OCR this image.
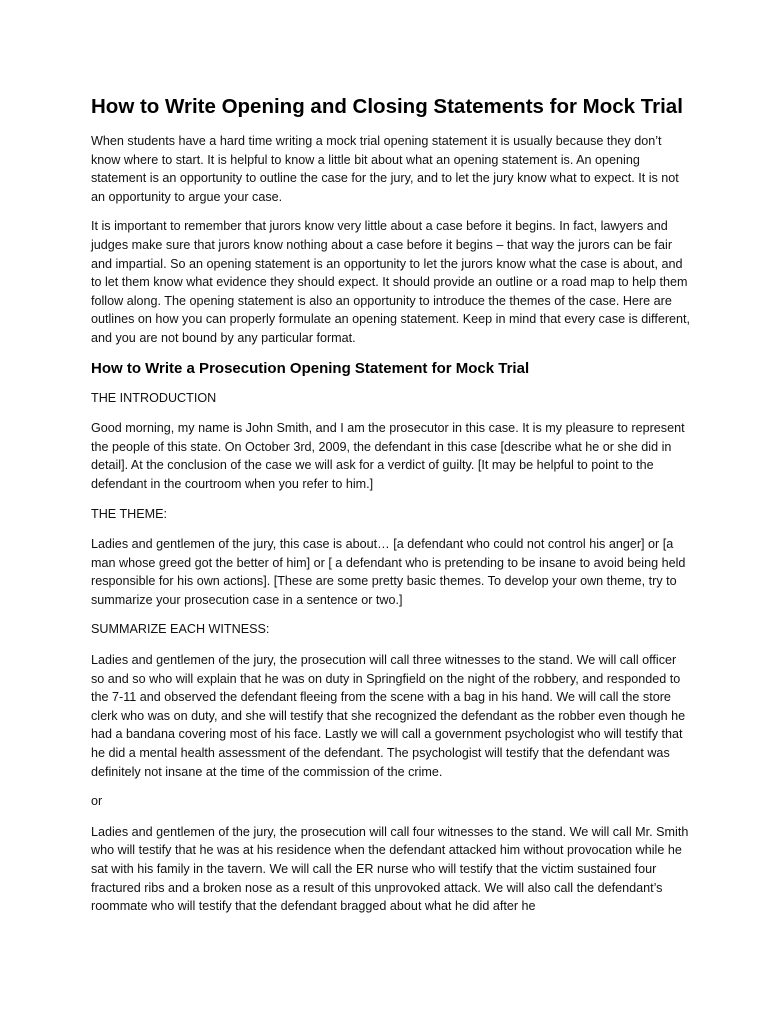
How to Write Opening and Closing Statements for Mock Trial

When students have a hard time writing a mock trial opening statement it is usually because they don’t know where to start. It is helpful to know a little bit about what an opening statement is. An opening statement is an opportunity to outline the case for the jury, and to let the jury know what to expect. It is not an opportunity to argue your case.

It is important to remember that jurors know very little about a case before it begins. In fact, lawyers and judges make sure that jurors know nothing about a case before it begins – that way the jurors can be fair and impartial. So an opening statement is an opportunity to let the jurors know what the case is about, and to let them know what evidence they should expect. It should provide an outline or a road map to help them follow along. The opening statement is also an opportunity to introduce the themes of the case. Here are outlines on how you can properly formulate an opening statement. Keep in mind that every case is different, and you are not bound by any particular format.

How to Write a Prosecution Opening Statement for Mock Trial

THE INTRODUCTION

Good morning, my name is John Smith, and I am the prosecutor in this case. It is my pleasure to represent the people of this state. On October 3rd, 2009, the defendant in this case [describe what he or she did in detail]. At the conclusion of the case we will ask for a verdict of guilty. [It may be helpful to point to the defendant in the courtroom when you refer to him.]

THE THEME:

Ladies and gentlemen of the jury, this case is about… [a defendant who could not control his anger] or [a man whose greed got the better of him] or [ a defendant who is pretending to be insane to avoid being held responsible for his own actions]. [These are some pretty basic themes. To develop your own theme, try to summarize your prosecution case in a sentence or two.]

SUMMARIZE EACH WITNESS:

Ladies and gentlemen of the jury, the prosecution will call three witnesses to the stand. We will call officer so and so who will explain that he was on duty in Springfield on the night of the robbery, and responded to the 7-11 and observed the defendant fleeing from the scene with a bag in his hand. We will call the store clerk who was on duty, and she will testify that she recognized the defendant as the robber even though he had a bandana covering most of his face. Lastly we will call a government psychologist who will testify that he did a mental health assessment of the defendant. The psychologist will testify that the defendant was definitely not insane at the time of the commission of the crime.

or

Ladies and gentlemen of the jury, the prosecution will call four witnesses to the stand. We will call Mr. Smith who will testify that he was at his residence when the defendant attacked him without provocation while he sat with his family in the tavern. We will call the ER nurse who will testify that the victim sustained four fractured ribs and a broken nose as a result of this unprovoked attack. We will also call the defendant’s roommate who will testify that the defendant bragged about what he did after he
